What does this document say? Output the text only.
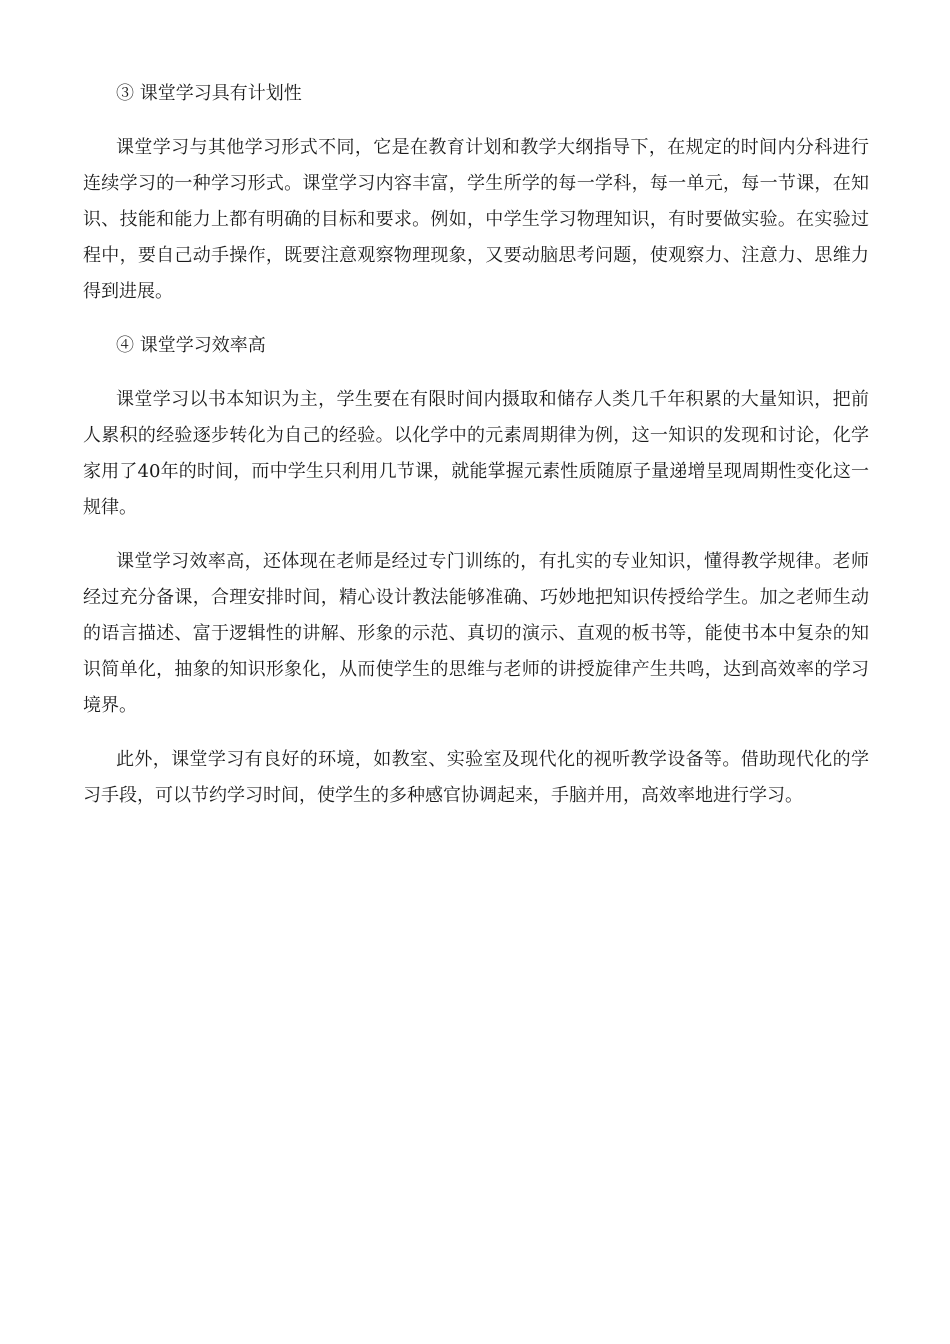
③ 课堂学习具有计划性

课堂学习与其他学习形式不同，它是在教育计划和教学大纲指导下，在规定的时间内分科进行连续学习的一种学习形式。课堂学习内容丰富，学生所学的每一学科，每一单元，每一节课，在知识、技能和能力上都有明确的目标和要求。例如，中学生学习物理知识，有时要做实验。在实验过程中，要自己动手操作，既要注意观察物理现象，又要动脑思考问题，使观察力、注意力、思维力得到进展。

④ 课堂学习效率高

课堂学习以书本知识为主，学生要在有限时间内摄取和储存人类几千年积累的大量知识，把前人累积的经验逐步转化为自己的经验。以化学中的元素周期律为例，这一知识的发现和讨论，化学家用了40年的时间，而中学生只利用几节课，就能掌握元素性质随原子量递增呈现周期性变化这一规律。

课堂学习效率高，还体现在老师是经过专门训练的，有扎实的专业知识，懂得教学规律。老师经过充分备课，合理安排时间，精心设计教法能够准确、巧妙地把知识传授给学生。加之老师生动的语言描述、富于逻辑性的讲解、形象的示范、真切的演示、直观的板书等，能使书本中复杂的知识简单化，抽象的知识形象化，从而使学生的思维与老师的讲授旋律产生共鸣，达到高效率的学习境界。

此外，课堂学习有良好的环境，如教室、实验室及现代化的视听教学设备等。借助现代化的学习手段，可以节约学习时间，使学生的多种感官协调起来，手脑并用，高效率地进行学习。
